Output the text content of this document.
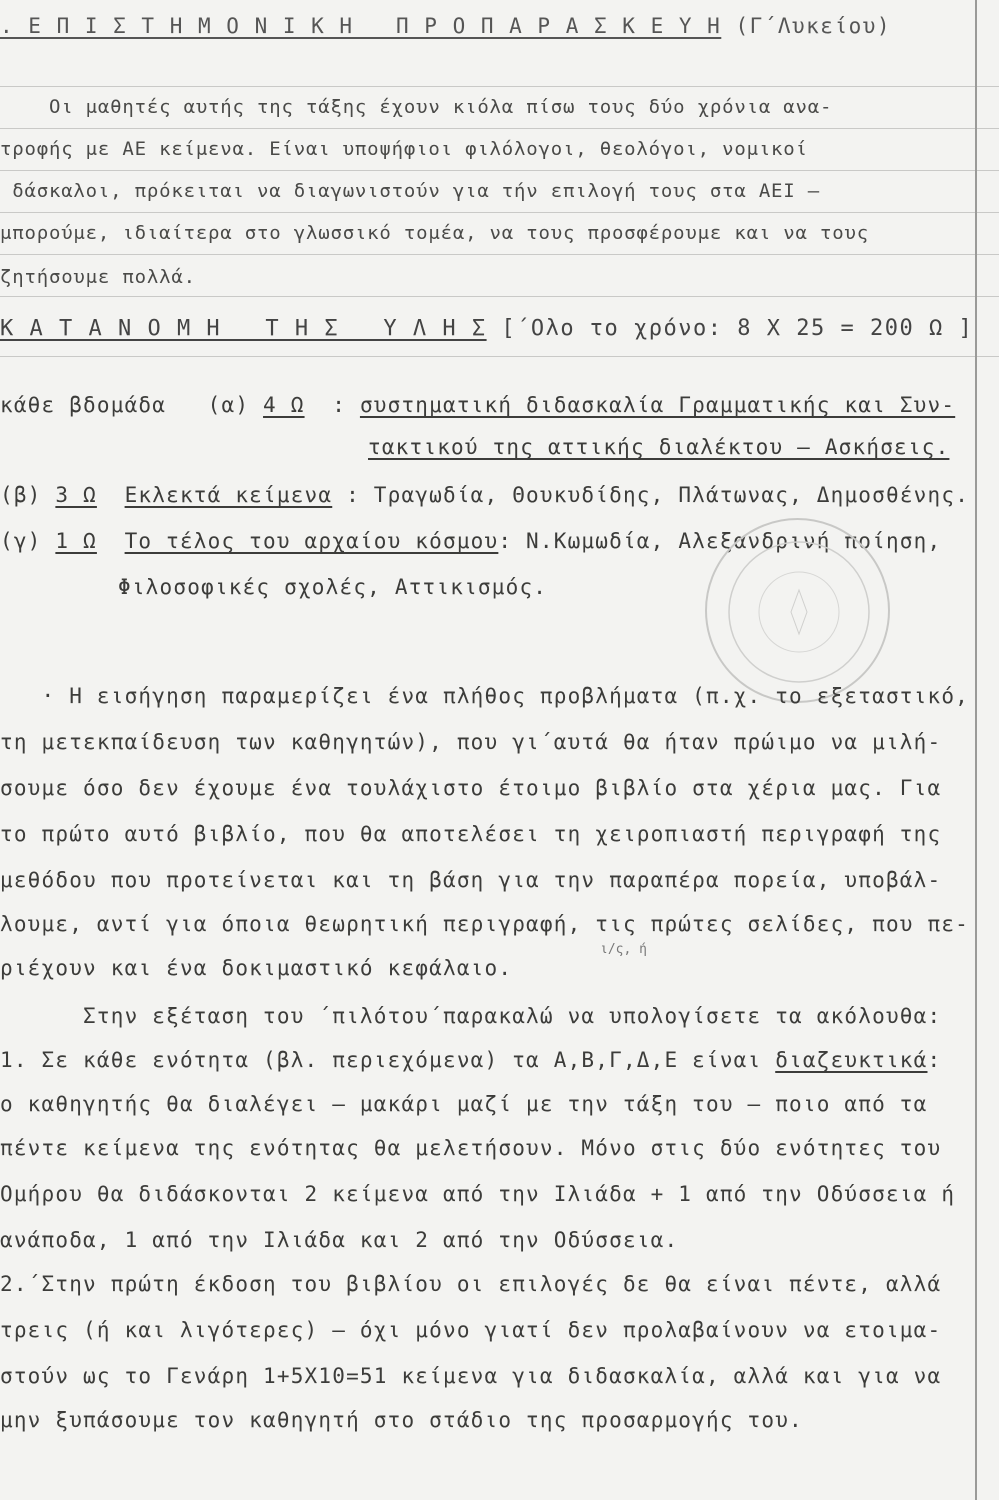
. Ε Π Ι Σ Τ Η Μ Ο Ν Ι Κ Η   Π Ρ Ο Π Α Ρ Α Σ Κ Ε Υ Η (Γ΄Λυκείου)
Οι μαθητές αυτής της τάξης έχουν κιόλα πίσω τους δύο χρόνια ανα-
τροφής με ΑΕ κείμενα. Είναι υποψήφιοι φιλόλογοι, θεολόγοι, νομικοί
δάσκαλοι, πρόκειται να διαγωνιστούν για τήν επιλογή τους στα ΑΕΙ —
μπορούμε, ιδιαίτερα στο γλωσσικό τομέα, να τους προσφέρουμε και να τους
ζητήσουμε πολλά.
Κ Α Τ Α Ν Ο Μ Η   Τ Η Σ   Υ Λ Η Σ [΄Ολο το χρόνο: 8 Χ 25 = 200 Ω ]
κάθε βδομάδα   (α) 4 Ω  : συστηματική διδασκαλία Γραμματικής και Συν-
τακτικού της αττικής διαλέκτου — Ασκήσεις.
(β) 3 Ω Εκλεκτά κείμενα : Τραγωδία, Θουκυδίδης, Πλάτωνας, Δημοσθένης.
(γ) 1 Ω Το τέλος του αρχαίου κόσμου: Ν.Κωμωδία, Αλεξανδρινή ποίηση,
Φιλοσοφικές σχολές, Αττικισμός.
· Η εισήγηση παραμερίζει ένα πλήθος προβλήματα (π.χ. το εξεταστικό,
τη μετεκπαίδευση των καθηγητών), που γι΄αυτά θα ήταν πρώιμο να μιλή-
σουμε όσο δεν έχουμε ένα τουλάχιστο έτοιμο βιβλίο στα χέρια μας. Για
το πρώτο αυτό βιβλίο, που θα αποτελέσει τη χειροπιαστή περιγραφή της
μεθόδου που προτείνεται και τη βάση για την παραπέρα πορεία, υποβάλ-
λουμε, αντί για όποια θεωρητική περιγραφή, τις πρώτες σελίδες, που πε-
ριέχουν και ένα δοκιμαστικό κεφάλαιο.
ι/ς, ή
Στην εξέταση του ΄πιλότου΄παρακαλώ να υπολογίσετε τα ακόλουθα:
1. Σε κάθε ενότητα (βλ. περιεχόμενα) τα Α,Β,Γ,Δ,Ε είναι διαζευκτικά:
ο καθηγητής θα διαλέγει — μακάρι μαζί με την τάξη του — ποιο από τα
πέντε κείμενα της ενότητας θα μελετήσουν. Μόνο στις δύο ενότητες του
Ομήρου θα διδάσκονται 2 κείμενα από την Ιλιάδα + 1 από την Οδύσσεια ή
ανάποδα, 1 από την Ιλιάδα και 2 από την Οδύσσεια.
2.΄Στην πρώτη έκδοση του βιβλίου οι επιλογές δε θα είναι πέντε, αλλά
τρεις (ή και λιγότερες) — όχι μόνο γιατί δεν προλαβαίνουν να ετοιμα-
στούν ως το Γενάρη 1+5Χ10=51 κείμενα για διδασκαλία, αλλά και για να
μην ξυπάσουμε τον καθηγητή στο στάδιο της προσαρμογής του.
